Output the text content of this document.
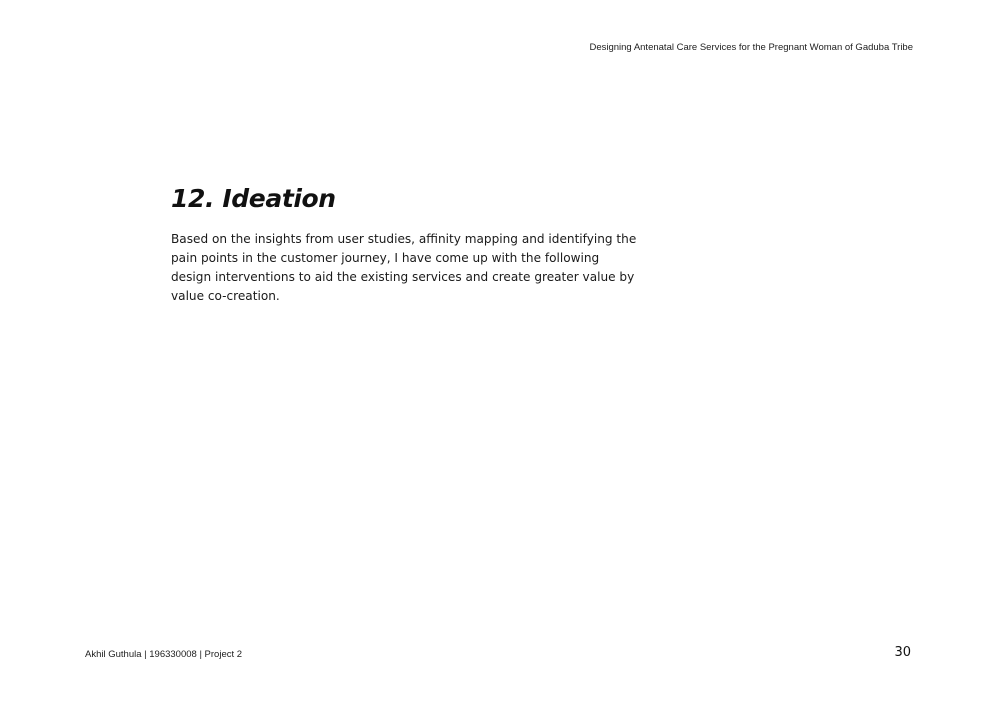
Designing Antenatal Care Services for the Pregnant Woman of Gaduba Tribe
12. Ideation

Based on the insights from user studies, affinity mapping and identifying the
pain points in the customer journey, I have come up with the following
design interventions to aid the existing services and create greater value by
value co-creation.

Akhil Guthula | 196330008 | Project 2	30
